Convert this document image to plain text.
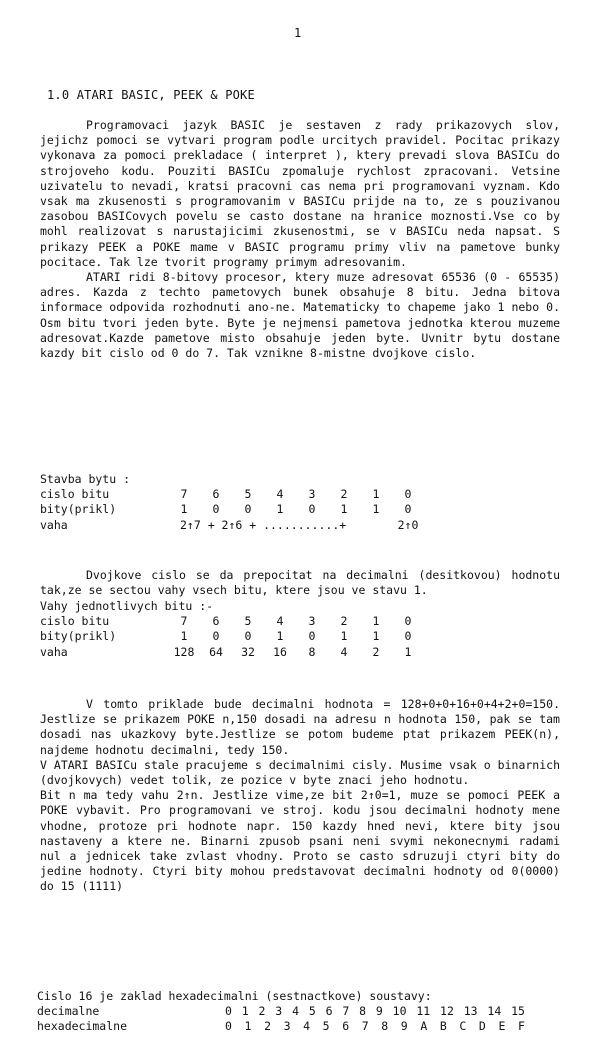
1
1.0 ATARI BASIC, PEEK & POKE

Programovaci jazyk BASIC je sestaven z rady prikazovych slov, jejichz pomoci se vytvari program podle urcitych pravidel. Pocitac prikazy vykonava za pomoci prekladace ( interpret ), ktery prevadi slova BASICu do strojoveho kodu. Pouziti BASICu zpomaluje rychlost zpracovani. Vetsine uzivatelu to nevadi, kratsi pracovni cas nema pri programovani vyznam. Kdo vsak ma zkusenosti s programovanim v BASICu prijde na to, ze s pouzivanou zasobou BASICovych povelu se casto dostane na hranice moznosti.Vse co by mohl realizovat s narustajicimi zkusenostmi, se v BASICu neda napsat. S prikazy PEEK a POKE mame v BASIC programu primy vliv na pametove bunky pocitace. Tak lze tvorit programy primym adresovanim.

ATARI ridi 8-bitovy procesor, ktery muze adresovat 65536 (0 - 65535) adres. Kazda z techto pametovych bunek obsahuje 8 bitu. Jedna bitova informace odpovida rozhodnuti ano-ne. Matematicky to chapeme jako 1 nebo 0. Osm bitu tvori jeden byte. Byte je nejmensi pametova jednotka kterou muzeme adresovat.Kazde pametove misto obsahuje jeden byte. Uvnitr bytu dostane kazdy bit cislo od 0 do 7. Tak vznikne 8-mistne dvojkove cislo.

Stavba bytu :
cislo bitu	7	6	5	4	3	2	1	0
bity(prikl)	1	0	0	1	0	1	1	0
vaha	2↑7 + 2↑6 + ...........+							2↑0

Dvojkove cislo se da prepocitat na decimalni (desitkovou) hodnotu tak,ze se sectou vahy vsech bitu, ktere jsou ve stavu 1.

Vahy jednotlivych bitu :-
cislo bitu	7	6	5	4	3	2	1	0
bity(prikl)	1	0	0	1	0	1	1	0
vaha	128	64	32	16	8	4	2	1

V tomto priklade bude decimalni hodnota = 128+0+0+16+0+4+2+0=150. Jestlize se prikazem POKE n,150 dosadi na adresu n hodnota 150, pak se tam dosadi nas ukazkovy byte.Jestlize se potom budeme ptat prikazem PEEK(n), najdeme hodnotu decimalni, tedy 150.

V ATARI BASICu stale pracujeme s decimalnimi cisly. Musime vsak o binarnich (dvojkovych) vedet tolik, ze pozice v byte znaci jeho hodnotu.

Bit n ma tedy vahu 2↑n. Jestlize vime,ze bit 2↑0=1, muze se pomoci PEEK a POKE vybavit. Pro programovani ve stroj. kodu jsou decimalni hodnoty mene vhodne, protoze pri hodnote napr. 150 kazdy hned nevi, ktere bity jsou nastaveny a ktere ne. Binarni zpusob psani neni svymi nekonecnymi radami nul a jednicek take zvlast vhodny. Proto se casto sdruzuji ctyri bity do jedine hodnoty. Ctyri bity mohou predstavovat decimalni hodnoty od 0(0000) do 15 (1111)

Cislo 16 je zaklad hexadecimalni (sestnactkove) soustavy:
decimalne	0 1 2 3 4 5 6 7 8 9 10 11 12 13 14 15
hexadecimalne	0 1 2 3 4 5 6 7 8 9 A B C D E F
